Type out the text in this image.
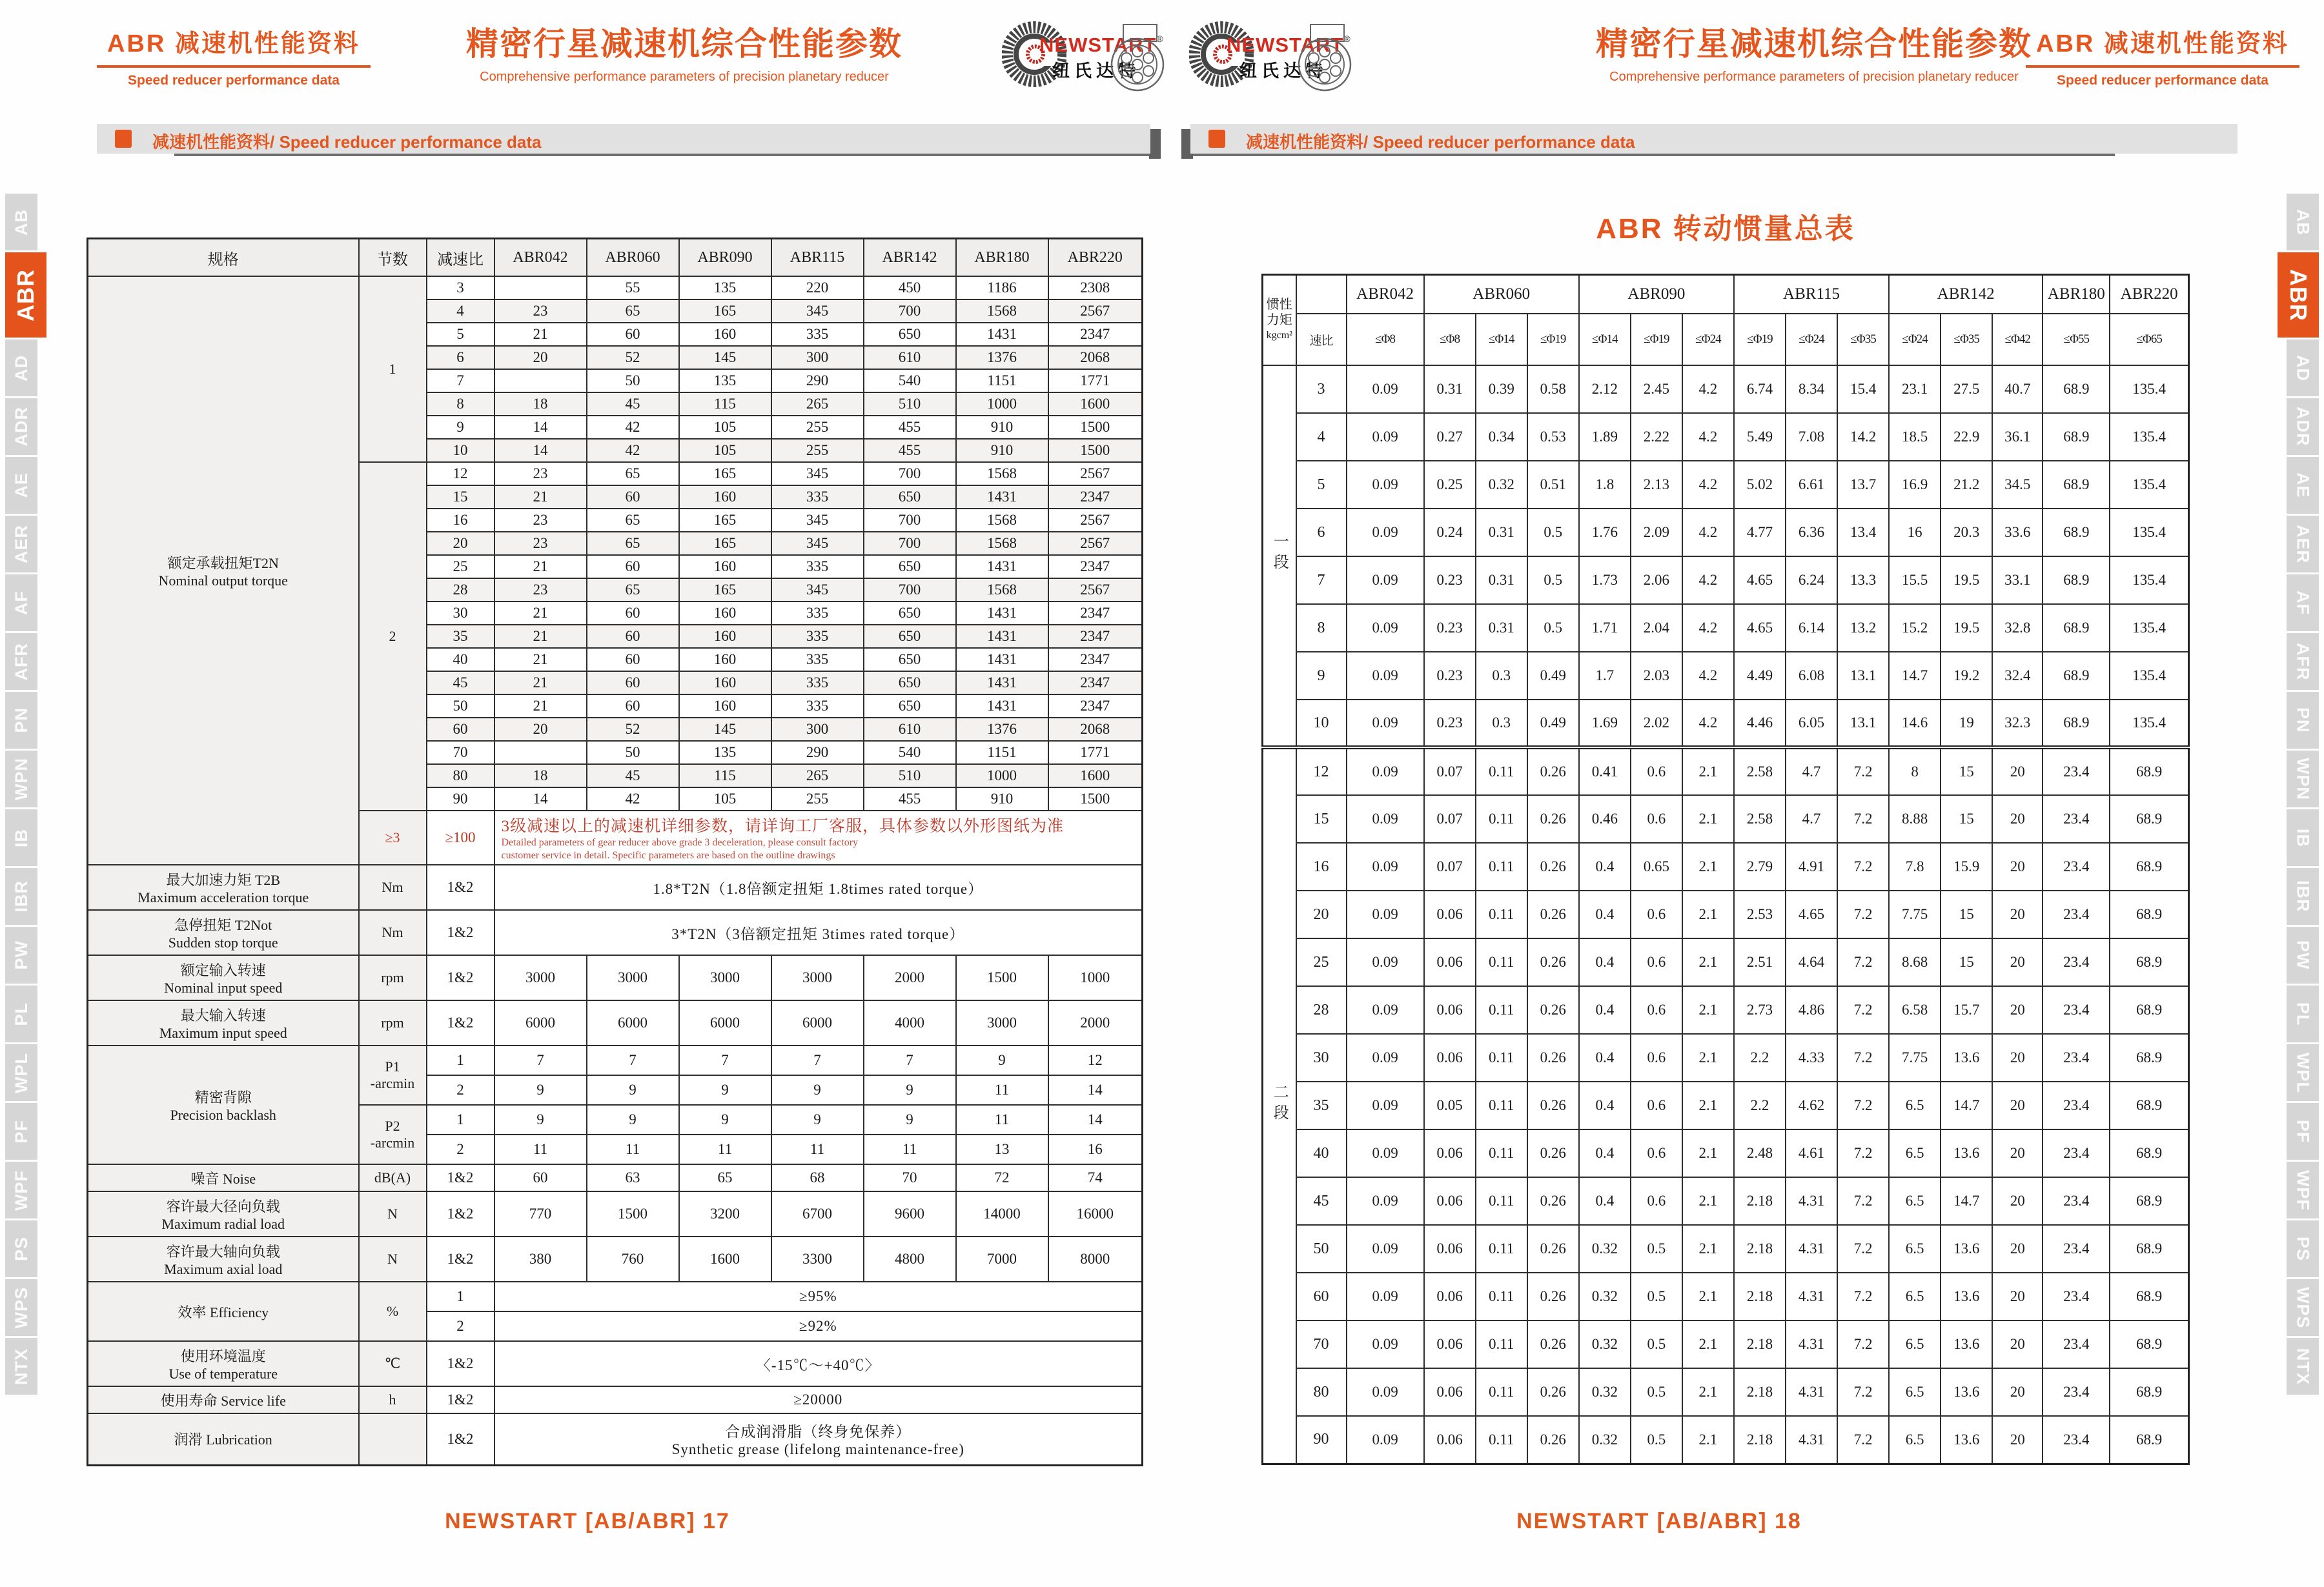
AB
ABR
AD
ADR
AE
AER
AF
AFR
PN
WPN
IB
IBR
PW
PL
WPL
PF
WPF
PS
WPS
NTX
AB
ABR
AD
ADR
AE
AER
AF
AFR
PN
WPN
IB
IBR
PW
PL
WPL
PF
WPF
PS
WPS
NTX
ABR 减速机性能资料
Speed reducer performance data
精密行星减速机综合性能参数
Comprehensive performance parameters of precision planetary reducer
NEWSTART®
纽氏达特
减速机性能资料/ Speed reducer performance data
规格	节数	减速比	ABR042	ABR060	ABR090	ABR115	ABR142	ABR180	ABR220

额定承载扭矩T2N
Nominal output torque	1	3		55	135	220	450	1186	2308
		4	23	65	165	345	700	1568	2567
		5	21	60	160	335	650	1431	2347
		6	20	52	145	300	610	1376	2068
		7		50	135	290	540	1151	1771
		8	18	45	115	265	510	1000	1600
		9	14	42	105	255	455	910	1500
		10	14	42	105	255	455	910	1500
	2	12	23	65	165	345	700	1568	2567
		15	21	60	160	335	650	1431	2347
		16	23	65	165	345	700	1568	2567
		20	23	65	165	345	700	1568	2567
		25	21	60	160	335	650	1431	2347
		28	23	65	165	345	700	1568	2567
		30	21	60	160	335	650	1431	2347
		35	21	60	160	335	650	1431	2347
		40	21	60	160	335	650	1431	2347
		45	21	60	160	335	650	1431	2347
		50	21	60	160	335	650	1431	2347
		60	20	52	145	300	610	1376	2068
		70		50	135	290	540	1151	1771
		80	18	45	115	265	510	1000	1600
		90	14	42	105	255	455	910	1500
	≥3	≥100	3级减速以上的减速机详细参数，请详询工厂客服，具体参数以外形图纸为准
Detailed parameters of gear reducer above grade 3 deceleration, please consult factory
customer service in detail. Specific parameters are based on the outline drawings						

最大加速力矩 T2B
Maximum acceleration torque	Nm	1&2	1.8*T2N（1.8倍额定扭矩 1.8times rated torque）						

急停扭矩 T2Not
Sudden stop torque	Nm	1&2	3*T2N（3倍额定扭矩 3times rated torque）						

额定输入转速
Nominal input speed	rpm	1&2	3000	3000	3000	3000	2000	1500	1000

最大输入转速
Maximum input speed	rpm	1&2	6000	6000	6000	6000	4000	3000	2000

精密背隙
Precision backlash

P1
-arcmin
	1	7	7	7	7	7	9	12
		2	9	9	9	9	9	11	14

	P2
-arcmin	1	9	9	9	9	9	11	14
		2	11	11	11	11	11	13	16

噪音 Noise	dB(A)	1&2	60	63	65	68	70	72	74

容许最大径向负载
Maximum radial load	N	1&2	770	1500	3200	6700	9600	14000	16000

容许最大轴向负载
Maximum axial load	N	1&2	380	760	1600	3300	4800	7000	8000

效率 Efficiency	%	1	≥95%						

		2	≥92%						

使用环境温度
Use of temperature	℃	1&2	〈-15℃～+40℃〉						

使用寿命 Service life	h	1&2	≥20000						

润滑 Lubrication		1&2	合成润滑脂（终身免保养）
Synthetic grease (lifelong maintenance-free)						
NEWSTART [AB/ABR] 17
NEWSTART®
纽氏达特
精密行星减速机综合性能参数
Comprehensive performance parameters of precision planetary reducer
ABR 减速机性能资料
Speed reducer performance data
减速机性能资料/ Speed reducer performance data
ABR 转动惯量总表
惯性
力矩
kgcm²		ABR042	ABR060			ABR090			ABR115			ABR142			ABR180	ABR220
	速比	≤Φ8	≤Φ8	≤Φ14	≤Φ19	≤Φ14	≤Φ19	≤Φ24	≤Φ19	≤Φ24	≤Φ35	≤Φ24	≤Φ35	≤Φ42	≤Φ55	≤Φ65
一段	3	0.09	0.31	0.39	0.58	2.12	2.45	4.2	6.74	8.34	15.4	23.1	27.5	40.7	68.9	135.4
	4	0.09	0.27	0.34	0.53	1.89	2.22	4.2	5.49	7.08	14.2	18.5	22.9	36.1	68.9	135.4
	5	0.09	0.25	0.32	0.51	1.8	2.13	4.2	5.02	6.61	13.7	16.9	21.2	34.5	68.9	135.4
	6	0.09	0.24	0.31	0.5	1.76	2.09	4.2	4.77	6.36	13.4	16	20.3	33.6	68.9	135.4
	7	0.09	0.23	0.31	0.5	1.73	2.06	4.2	4.65	6.24	13.3	15.5	19.5	33.1	68.9	135.4
	8	0.09	0.23	0.31	0.5	1.71	2.04	4.2	4.65	6.14	13.2	15.2	19.5	32.8	68.9	135.4
	9	0.09	0.23	0.3	0.49	1.7	2.03	4.2	4.49	6.08	13.1	14.7	19.2	32.4	68.9	135.4
	10	0.09	0.23	0.3	0.49	1.69	2.02	4.2	4.46	6.05	13.1	14.6	19	32.3	68.9	135.4
二段	12	0.09	0.07	0.11	0.26	0.41	0.6	2.1	2.58	4.7	7.2	8	15	20	23.4	68.9
	15	0.09	0.07	0.11	0.26	0.46	0.6	2.1	2.58	4.7	7.2	8.88	15	20	23.4	68.9
	16	0.09	0.07	0.11	0.26	0.4	0.65	2.1	2.79	4.91	7.2	7.8	15.9	20	23.4	68.9
	20	0.09	0.06	0.11	0.26	0.4	0.6	2.1	2.53	4.65	7.2	7.75	15	20	23.4	68.9
	25	0.09	0.06	0.11	0.26	0.4	0.6	2.1	2.51	4.64	7.2	8.68	15	20	23.4	68.9
	28	0.09	0.06	0.11	0.26	0.4	0.6	2.1	2.73	4.86	7.2	6.58	15.7	20	23.4	68.9
	30	0.09	0.06	0.11	0.26	0.4	0.6	2.1	2.2	4.33	7.2	7.75	13.6	20	23.4	68.9
	35	0.09	0.05	0.11	0.26	0.4	0.6	2.1	2.2	4.62	7.2	6.5	14.7	20	23.4	68.9
	40	0.09	0.06	0.11	0.26	0.4	0.6	2.1	2.48	4.61	7.2	6.5	13.6	20	23.4	68.9
	45	0.09	0.06	0.11	0.26	0.4	0.6	2.1	2.18	4.31	7.2	6.5	14.7	20	23.4	68.9
	50	0.09	0.06	0.11	0.26	0.32	0.5	2.1	2.18	4.31	7.2	6.5	13.6	20	23.4	68.9
	60	0.09	0.06	0.11	0.26	0.32	0.5	2.1	2.18	4.31	7.2	6.5	13.6	20	23.4	68.9
	70	0.09	0.06	0.11	0.26	0.32	0.5	2.1	2.18	4.31	7.2	6.5	13.6	20	23.4	68.9
	80	0.09	0.06	0.11	0.26	0.32	0.5	2.1	2.18	4.31	7.2	6.5	13.6	20	23.4	68.9
	90	0.09	0.06	0.11	0.26	0.32	0.5	2.1	2.18	4.31	7.2	6.5	13.6	20	23.4	68.9
NEWSTART [AB/ABR] 18
